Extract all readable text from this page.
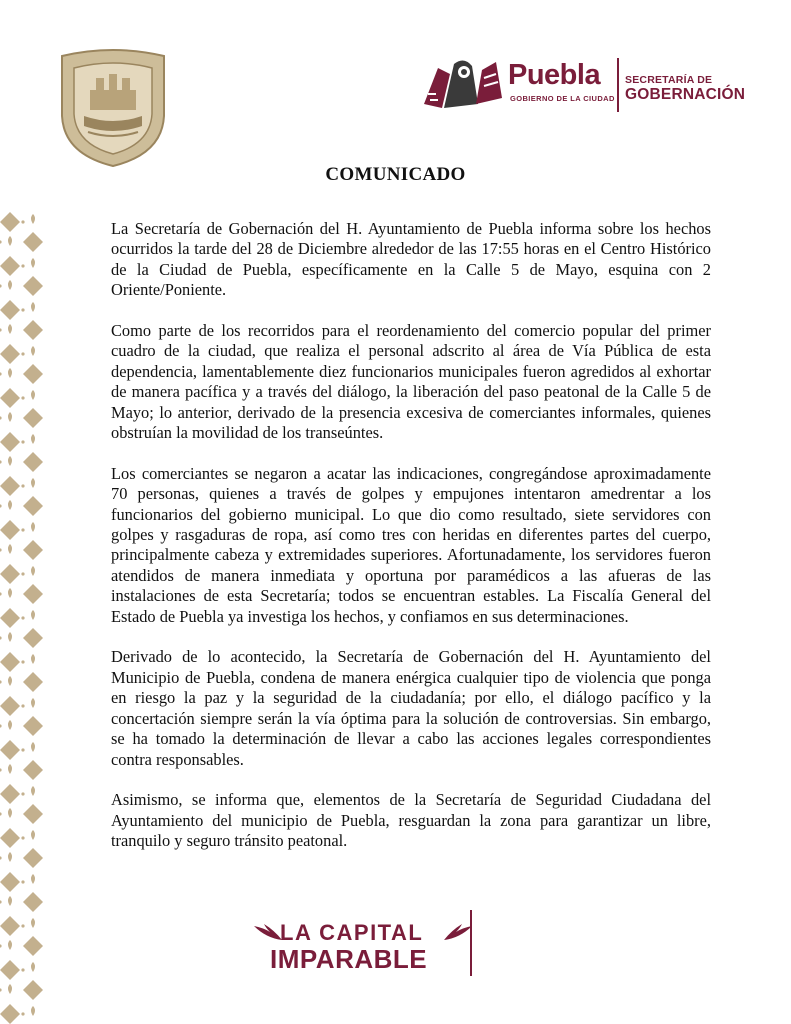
Puebla
GOBIERNO DE LA CIUDAD
SECRETARÍA DE
GOBERNACIÓN
COMUNICADO

La Secretaría de Gobernación del H. Ayuntamiento de Puebla informa sobre los hechos ocurridos la tarde del 28 de Diciembre alrededor de las 17:55 horas en el Centro Histórico de la Ciudad de Puebla, específicamente en la Calle 5 de Mayo, esquina con 2 Oriente/Poniente.

Como parte de los recorridos para el reordenamiento del comercio popular del primer cuadro de la ciudad, que realiza el personal adscrito al área de Vía Pública de esta dependencia, lamentablemente diez funcionarios municipales fueron agredidos al exhortar de manera pacífica y a través del diálogo, la liberación del paso peatonal de la Calle 5 de Mayo; lo anterior, derivado de la presencia excesiva de comerciantes informales, quienes obstruían la movilidad de los transeúntes.

Los comerciantes se negaron a acatar las indicaciones, congregándose aproximadamente 70 personas, quienes a través de golpes y empujones intentaron amedrentar a los funcionarios del gobierno municipal. Lo que dio como resultado, siete servidores con golpes y rasgaduras de ropa, así como tres con heridas en diferentes partes del cuerpo, principalmente cabeza y extremidades superiores. Afortunadamente, los servidores fueron atendidos de manera inmediata y oportuna por paramédicos a las afueras de las instalaciones de esta Secretaría; todos se encuentran estables. La Fiscalía General del Estado de Puebla ya investiga los hechos, y confiamos en sus determinaciones.

Derivado de lo acontecido, la Secretaría de Gobernación del H. Ayuntamiento del Municipio de Puebla, condena de manera enérgica cualquier tipo de violencia que ponga en riesgo la paz y la seguridad de la ciudadanía; por ello, el diálogo pacífico y la concertación siempre serán la vía óptima para la solución de controversias. Sin embargo, se ha tomado la determinación de llevar a cabo las acciones legales correspondientes contra responsables.

Asimismo, se informa que, elementos de la Secretaría de Seguridad Ciudadana del Ayuntamiento del municipio de Puebla, resguardan la zona para garantizar un libre, tranquilo y seguro tránsito peatonal.

LA CAPITAL
IMPARABLE
